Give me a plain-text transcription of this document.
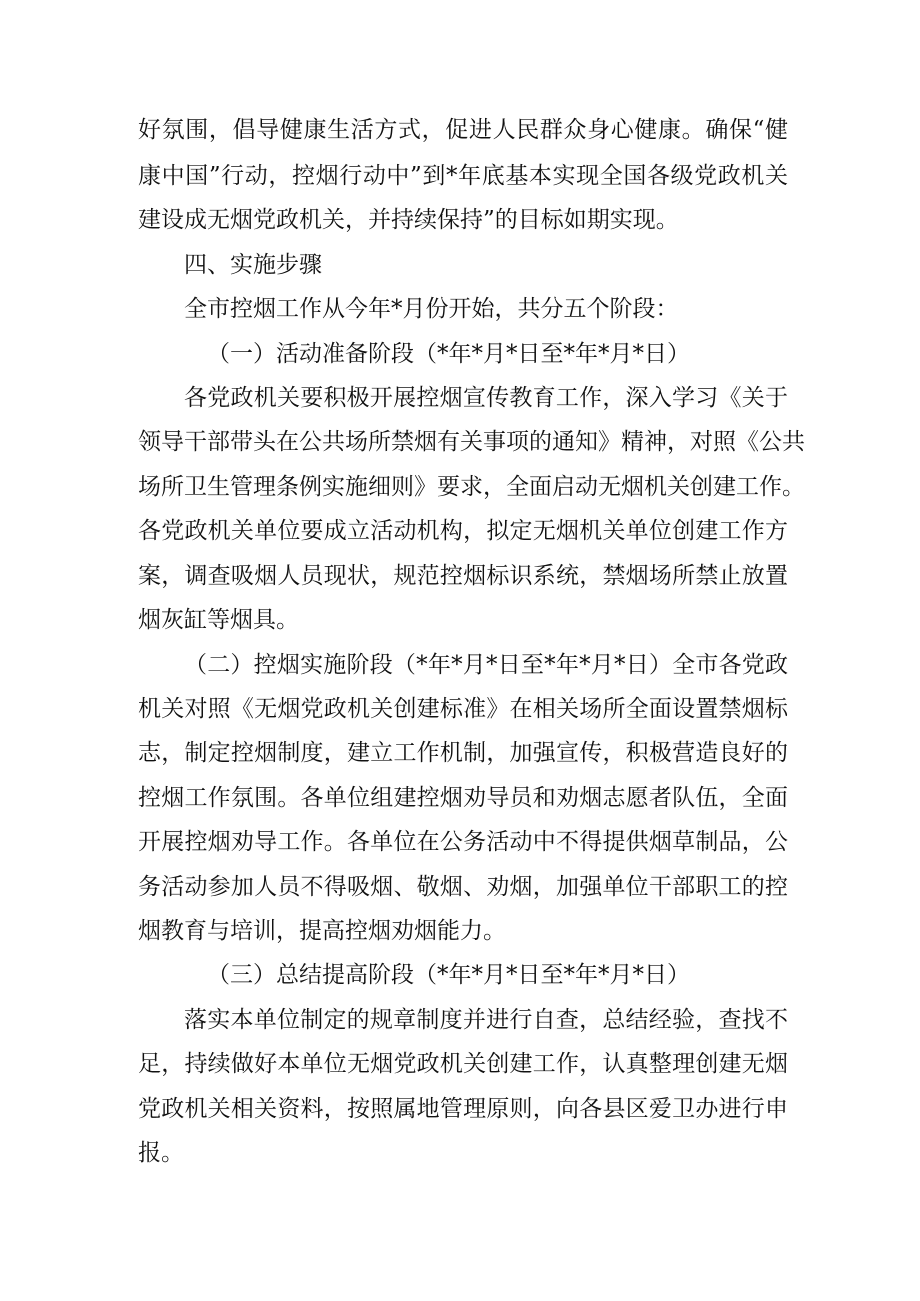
好氛围，倡导健康生活方式，促进人民群众身心健康。确保“健
康中国”行动，控烟行动中”到*年底基本实现全国各级党政机关
建设成无烟党政机关，并持续保持”的目标如期实现。
四、实施步骤
全市控烟工作从今年*月份开始，共分五个阶段：
（一）活动准备阶段（*年*月*日至*年*月*日）
各党政机关要积极开展控烟宣传教育工作，深入学习《关于
领导干部带头在公共场所禁烟有关事项的通知》精神，对照《公共
场所卫生管理条例实施细则》要求，全面启动无烟机关创建工作。
各党政机关单位要成立活动机构，拟定无烟机关单位创建工作方
案，调查吸烟人员现状，规范控烟标识系统，禁烟场所禁止放置
烟灰缸等烟具。
（二）控烟实施阶段（*年*月*日至*年*月*日）全市各党政
机关对照《无烟党政机关创建标准》在相关场所全面设置禁烟标
志，制定控烟制度，建立工作机制，加强宣传，积极营造良好的
控烟工作氛围。各单位组建控烟劝导员和劝烟志愿者队伍，全面
开展控烟劝导工作。各单位在公务活动中不得提供烟草制品，公
务活动参加人员不得吸烟、敬烟、劝烟，加强单位干部职工的控
烟教育与培训，提高控烟劝烟能力。
（三）总结提高阶段（*年*月*日至*年*月*日）
落实本单位制定的规章制度并进行自查，总结经验，查找不
足，持续做好本单位无烟党政机关创建工作，认真整理创建无烟
党政机关相关资料，按照属地管理原则，向各县区爱卫办进行申
报。
